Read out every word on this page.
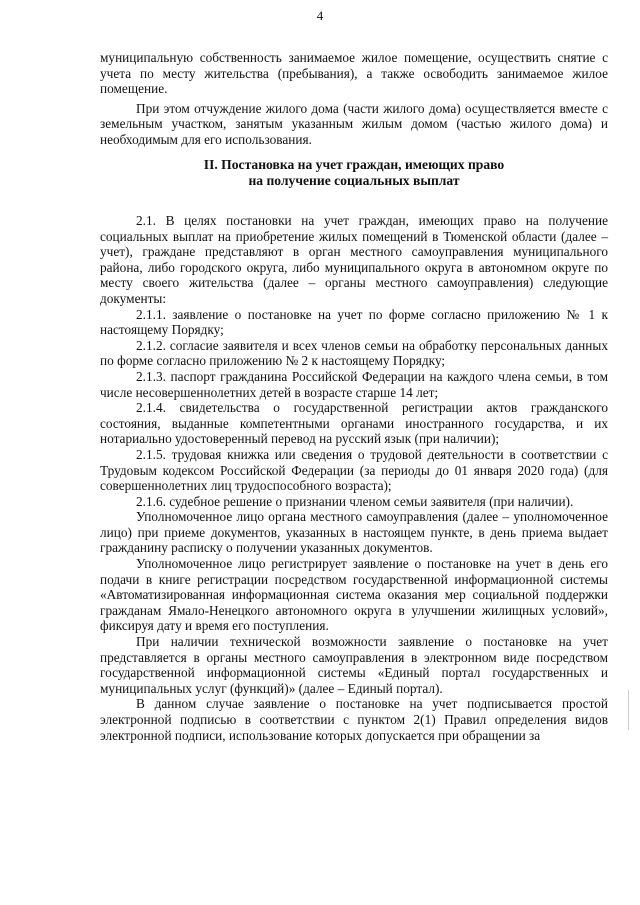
4

муниципальную собственность занимаемое жилое помещение, осуществить снятие с учета по месту жительства (пребывания), а также освободить занимаемое жилое помещение.

При этом отчуждение жилого дома (части жилого дома) осуществляется вместе с земельным участком, занятым указанным жилым домом (частью жилого дома) и необходимым для его использования.

II. Постановка на учет граждан, имеющих право
на получение социальных выплат

2.1. В целях постановки на учет граждан, имеющих право на получение социальных выплат на приобретение жилых помещений в Тюменской области (далее – учет), граждане представляют в орган местного самоуправления муниципального района, либо городского округа, либо муниципального округа в автономном округе по месту своего жительства (далее – органы местного самоуправления) следующие документы:

2.1.1. заявление о постановке на учет по форме согласно приложению № 1 к настоящему Порядку;

2.1.2. согласие заявителя и всех членов семьи на обработку персональных данных по форме согласно приложению № 2 к настоящему Порядку;

2.1.3. паспорт гражданина Российской Федерации на каждого члена семьи, в том числе несовершеннолетних детей в возрасте старше 14 лет;

2.1.4. свидетельства о государственной регистрации актов гражданского состояния, выданные компетентными органами иностранного государства, и их нотариально удостоверенный перевод на русский язык (при наличии);

2.1.5. трудовая книжка или сведения о трудовой деятельности в соответствии с Трудовым кодексом Российской Федерации (за периоды до 01 января 2020 года) (для совершеннолетних лиц трудоспособного возраста);

2.1.6. судебное решение о признании членом семьи заявителя (при наличии).

Уполномоченное лицо органа местного самоуправления (далее – уполномоченное лицо) при приеме документов, указанных в настоящем пункте, в день приема выдает гражданину расписку о получении указанных документов.

Уполномоченное лицо регистрирует заявление о постановке на учет в день его подачи в книге регистрации посредством государственной информационной системы «Автоматизированная информационная система оказания мер социальной поддержки гражданам Ямало-Ненецкого автономного округа в улучшении жилищных условий», фиксируя дату и время его поступления.

При наличии технической возможности заявление о постановке на учет представляется в органы местного самоуправления в электронном виде посредством государственной информационной системы «Единый портал государственных и муниципальных услуг (функций)» (далее – Единый портал).

В данном случае заявление о постановке на учет подписывается простой электронной подписью в соответствии с пунктом 2(1) Правил определения видов электронной подписи, использование которых допускается при обращении за
